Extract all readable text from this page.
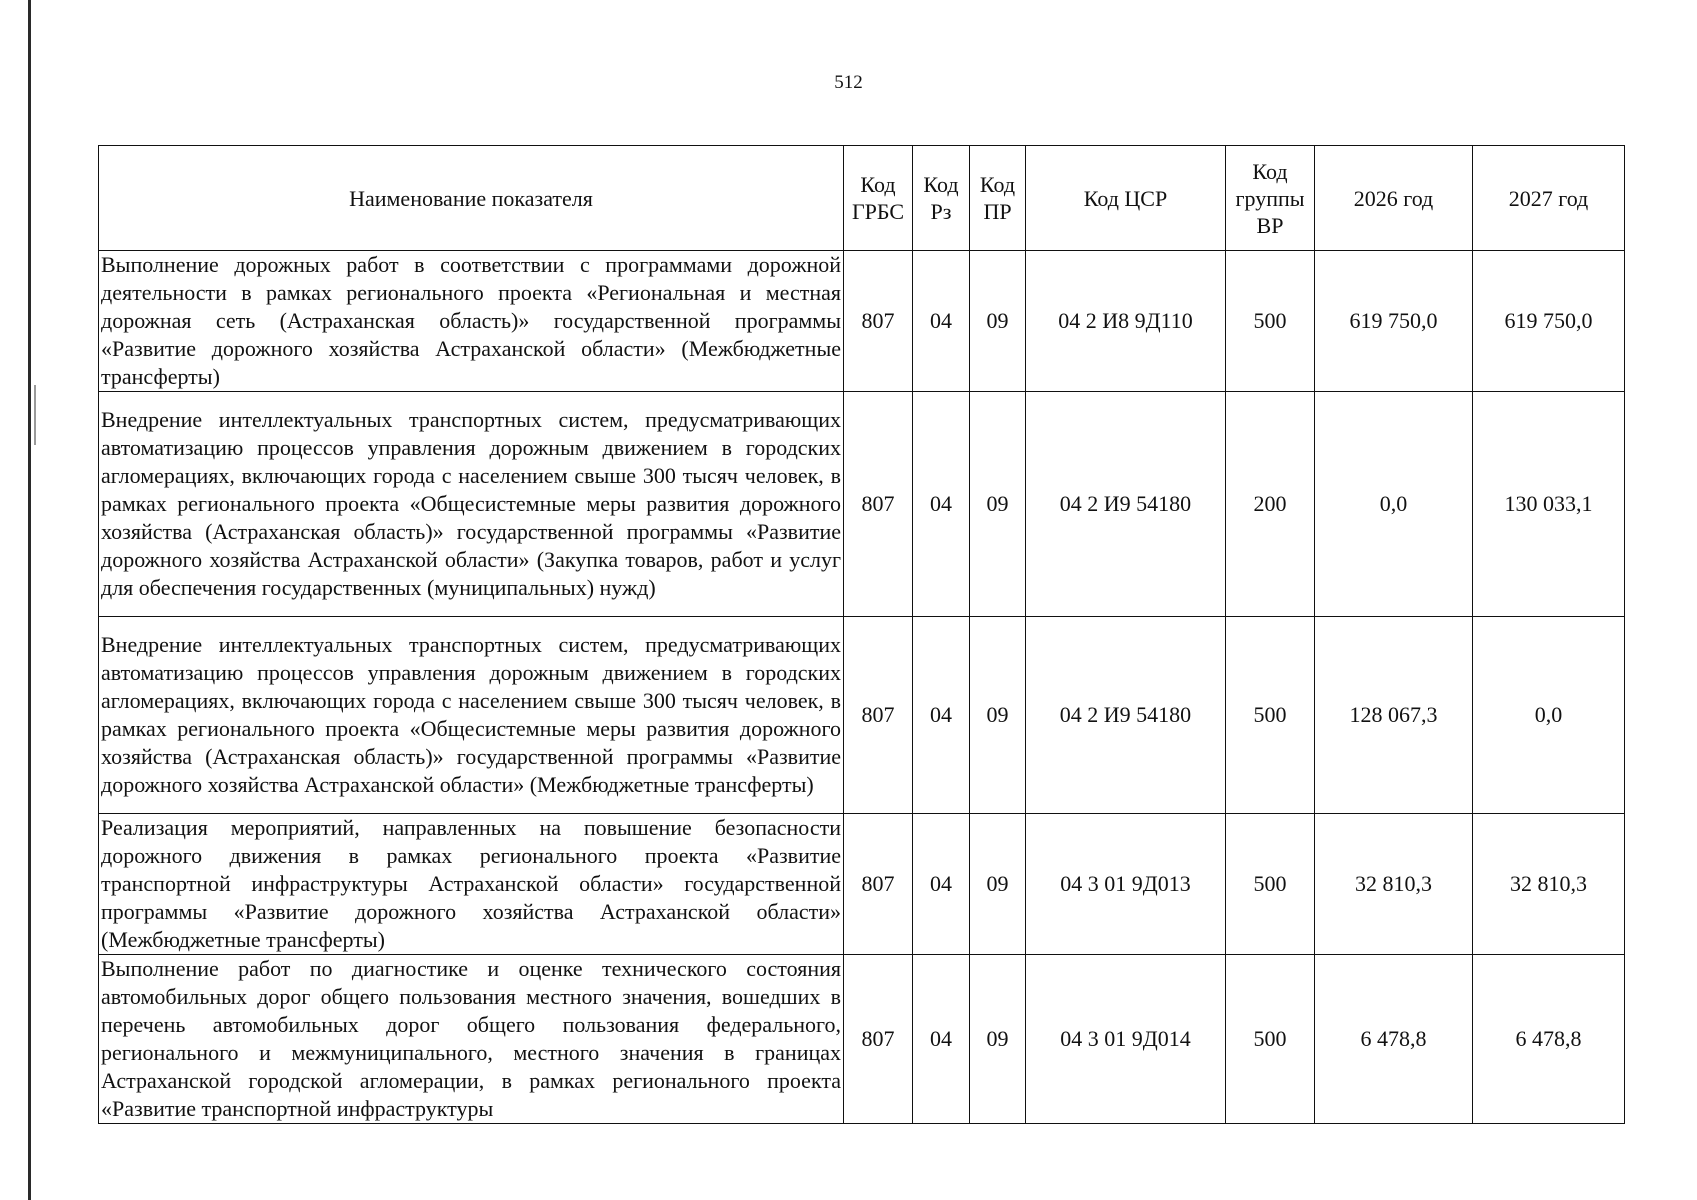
512
Наименование показателя	Код ГРБС	Код Рз	Код ПР	Код ЦСР	Код группы ВР	2026 год	2027 год
Выполнение дорожных работ в соответствии с программами дорожной деятельности в рамках регионального проекта «Региональная и местная дорожная сеть (Астраханская область)» государственной программы «Развитие дорожного хозяйства Астраханской области» (Межбюджетные трансферты)	807	04	09	04 2 И8 9Д110	500	619 750,0	619 750,0
Внедрение интеллектуальных транспортных систем, предусматривающих автоматизацию процессов управления дорожным движением в городских агломерациях, включающих города с населением свыше 300 тысяч человек, в рамках регионального проекта «Общесистемные меры развития дорожного хозяйства (Астраханская область)» государственной программы «Развитие дорожного хозяйства Астраханской области» (Закупка товаров, работ и услуг для обеспечения государственных (муниципальных) нужд)	807	04	09	04 2 И9 54180	200	0,0	130 033,1
Внедрение интеллектуальных транспортных систем, предусматривающих автоматизацию процессов управления дорожным движением в городских агломерациях, включающих города с населением свыше 300 тысяч человек, в рамках регионального проекта «Общесистемные меры развития дорожного хозяйства (Астраханская область)» государственной программы «Развитие дорожного хозяйства Астраханской области» (Межбюджетные трансферты)	807	04	09	04 2 И9 54180	500	128 067,3	0,0
Реализация мероприятий, направленных на повышение безопасности дорожного движения в рамках регионального проекта «Развитие транспортной инфраструктуры Астраханской области» государственной программы «Развитие дорожного хозяйства Астраханской области» (Межбюджетные трансферты)	807	04	09	04 3 01 9Д013	500	32 810,3	32 810,3
Выполнение работ по диагностике и оценке технического состояния автомобильных дорог общего пользования местного значения, вошедших в перечень автомобильных дорог общего пользования федерального, регионального и межмуниципального, местного значения в границах Астраханской городской агломерации, в рамках регионального проекта «Развитие транспортной инфраструктуры	807	04	09	04 3 01 9Д014	500	6 478,8	6 478,8
